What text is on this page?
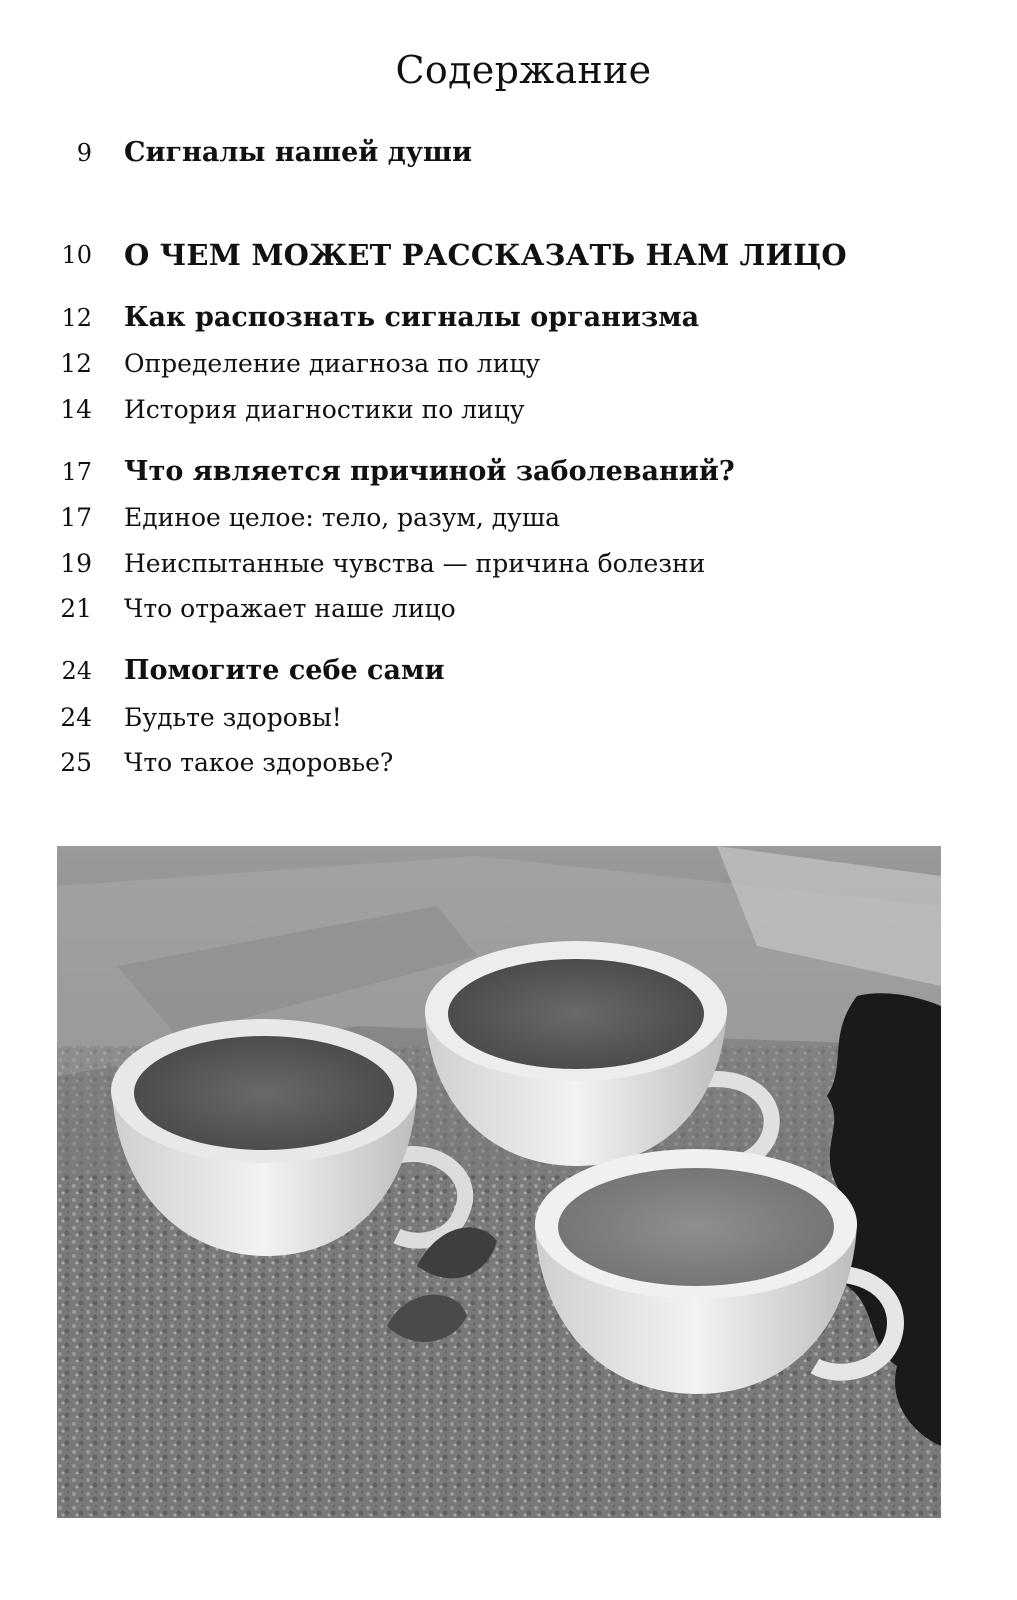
Содержание
9 Сигналы нашей души
10 О ЧЕМ МОЖЕТ РАССКАЗАТЬ НАМ ЛИЦО
12 Как распознать сигналы организма
12 Определение диагноза по лицу
14 История диагностики по лицу
17 Что является причиной заболеваний?
17 Единое целое: тело, разум, душа
19 Неиспытанные чувства — причина болезни
21 Что отражает наше лицо
24 Помогите себе сами
24 Будьте здоровы!
25 Что такое здоровье?
